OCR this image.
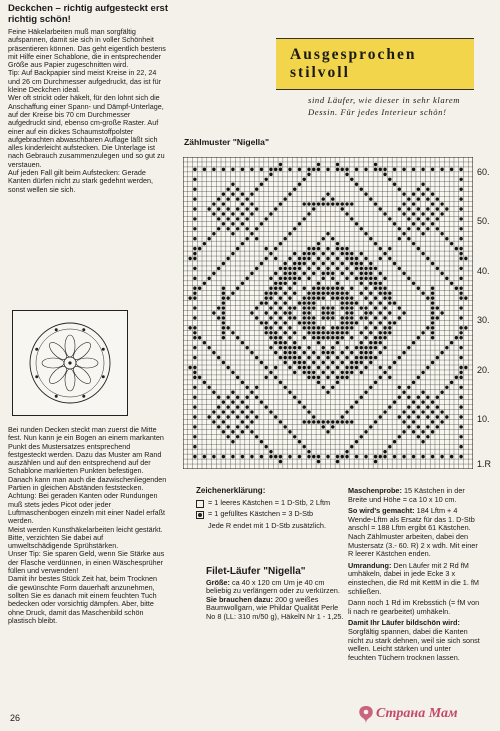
Deckchen – richtig aufgesteckt erst richtig schön!

Feine Häkelarbeiten muß man sorgfältig aufspannen, damit sie sich in voller Schönheit präsentieren können. Das geht eigentlich bestens mit Hilfe einer Schablone, die in entsprechender Größe aus Papier zugeschnitten wird.

Tip: Auf Backpapier sind meist Kreise in 22, 24 und 26 cm Durchmesser aufgedruckt, das ist für kleine Deckchen ideal.

Wer oft strickt oder häkelt, für den lohnt sich die Anschaffung einer Spann- und Dämpf-Unterlage, auf der Kreise bis 70 cm Durchmesser aufgedruckt sind, ebenso cm-große Raster. Auf einer auf ein dickes Schaumstoffpolster aufgebrachten abwaschbaren Auflage läßt sich alles kinderleicht aufstecken. Die Unterlage ist nach Gebrauch zusammenzulegen und so gut zu verstauen.

Auf jeden Fall gilt beim Aufstecken: Gerade Kanten dürfen nicht zu stark gedehnt werden, sonst wellen sie sich.

Bei runden Decken steckt man zuerst die Mitte fest. Nun kann je ein Bogen an einem markanten Punkt des Mustersatzes entsprechend festgesteckt werden. Dazu das Muster am Rand auszählen und auf den entsprechend auf der Schablone markierten Punkten befestigen.

Danach kann man auch die dazwischenliegenden Partien in gleichen Abständen feststecken.

Achtung: Bei geraden Kanten oder Rundungen muß stets jedes Picot oder jeder Luftmaschenbogen einzeln mit einer Nadel erfaßt werden.

Meist werden Kunsthäkelarbeiten leicht gestärkt. Bitte, verzichten Sie dabei auf umweltschädigende Sprühstärken.

Unser Tip: Sie sparen Geld, wenn Sie Stärke aus der Flasche verdünnen, in einen Wäschesprüher füllen und verwenden!

Damit ihr bestes Stück Zeit hat, beim Trocknen die gewünschte Form dauerhaft anzunehmen, sollten Sie es danach mit einem feuchten Tuch bedecken oder vorsichtig dämpfen. Aber, bitte ohne Druck, damit das Maschenbild schön plastisch bleibt.

26
Ausgesprochen
stilvoll
sind Läufer, wie dieser in sehr klarem Dessin. Für jedes Interieur schön!
Zählmuster "Nigella"
60.
50.
40.
30.
20.
10.
1.R
Zeichenerklärung:
= 1 leeres Kästchen = 1 D-Stb, 2 Lftm
= 1 gefülltes Kästchen = 3 D-Stb
Jede R endet mit 1 D-Stb zusätzlich.
Filet-Läufer "Nigella"

Größe: ca 40 x 120 cm Um je 40 cm beliebig zu verlängern oder zu verkürzen.

Sie brauchen dazu: 200 g weißes Baumwollgarn, wie Phildar Qualität Perle No 8 (LL: 310 m/50 g), HäkelN Nr 1 - 1,25.

Maschenprobe: 15 Kästchen in der Breite und Höhe = ca 10 x 10 cm.

So wird's gemacht: 184 Lftm + 4 Wende-Lftm als Ersatz für das 1. D-Stb anschl = 188 Lftm ergibt 61 Kästchen. Nach Zählmuster arbeiten, dabei den Mustersatz (3.- 60. R) 2 x wdh. Mit einer R leerer Kästchen enden.

Umrandung: Den Läufer mit 2 Rd fM umhäkeln, dabei in jede Ecke 3 x einstechen, die Rd mit KettM in die 1. fM schließen.

Dann noch 1 Rd im Krebsstich (= fM von li nach re gearbeitet) umhäkeln.

Damit Ihr Läufer bildschön wird: Sorgfältig spannen, dabei die Kanten nicht zu stark dehnen, weil sie sich sonst wellen. Leicht stärken und unter feuchten Tüchern trocknen lassen.

Страна Мам
